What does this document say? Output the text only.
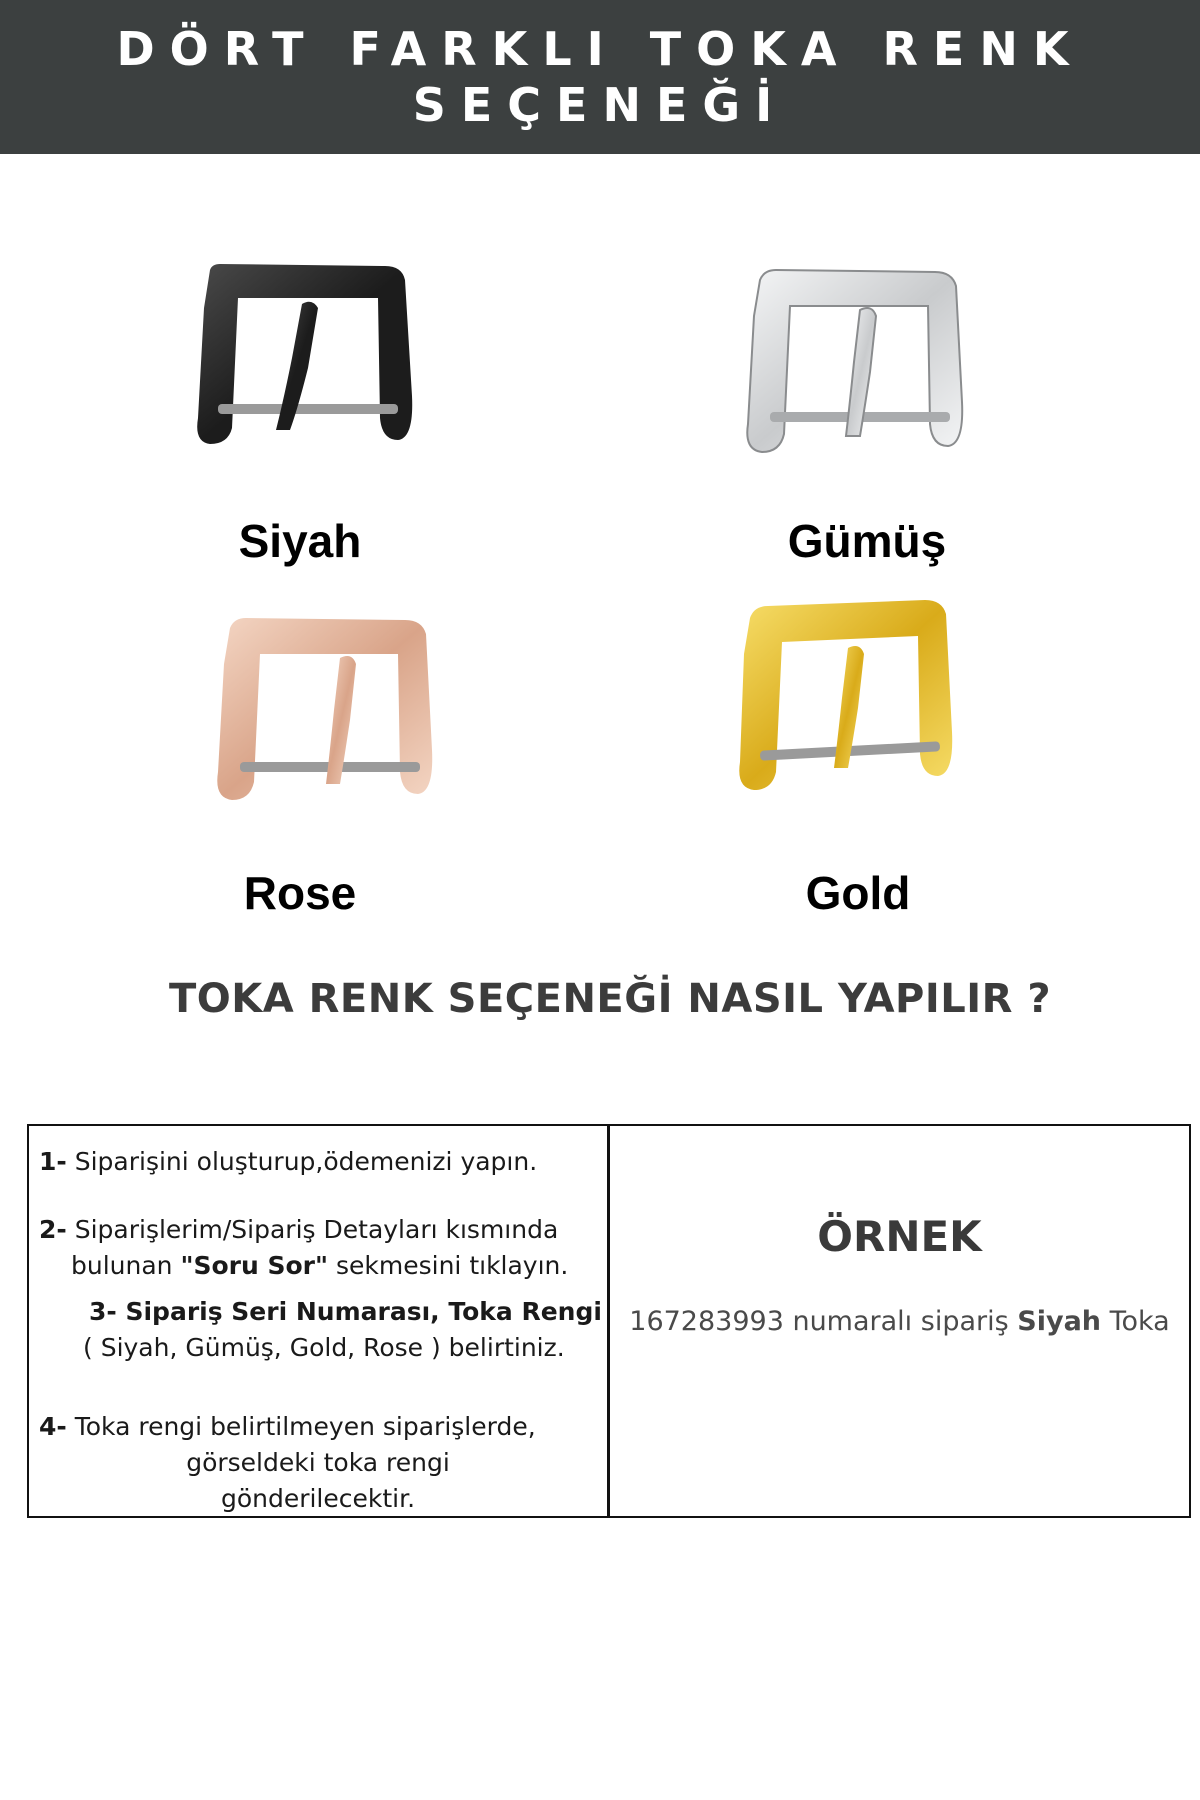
DÖRT FARKLI TOKA RENK
SEÇENEĞİ
Siyah	Gümüş
Rose	Gold
TOKA RENK SEÇENEĞİ NASIL YAPILIR ?
1- Siparişini oluşturup,ödemenizi yapın.
2- Siparişlerim/Sipariş Detayları kısmında
bulunan "Soru Sor" sekmesini tıklayın.
3- Sipariş Seri Numarası, Toka Rengi
( Siyah, Gümüş, Gold, Rose ) belirtiniz.
4- Toka rengi belirtilmeyen siparişlerde,
görseldeki toka rengi
gönderilecektir.
ÖRNEK
167283993 numaralı sipariş Siyah Toka
